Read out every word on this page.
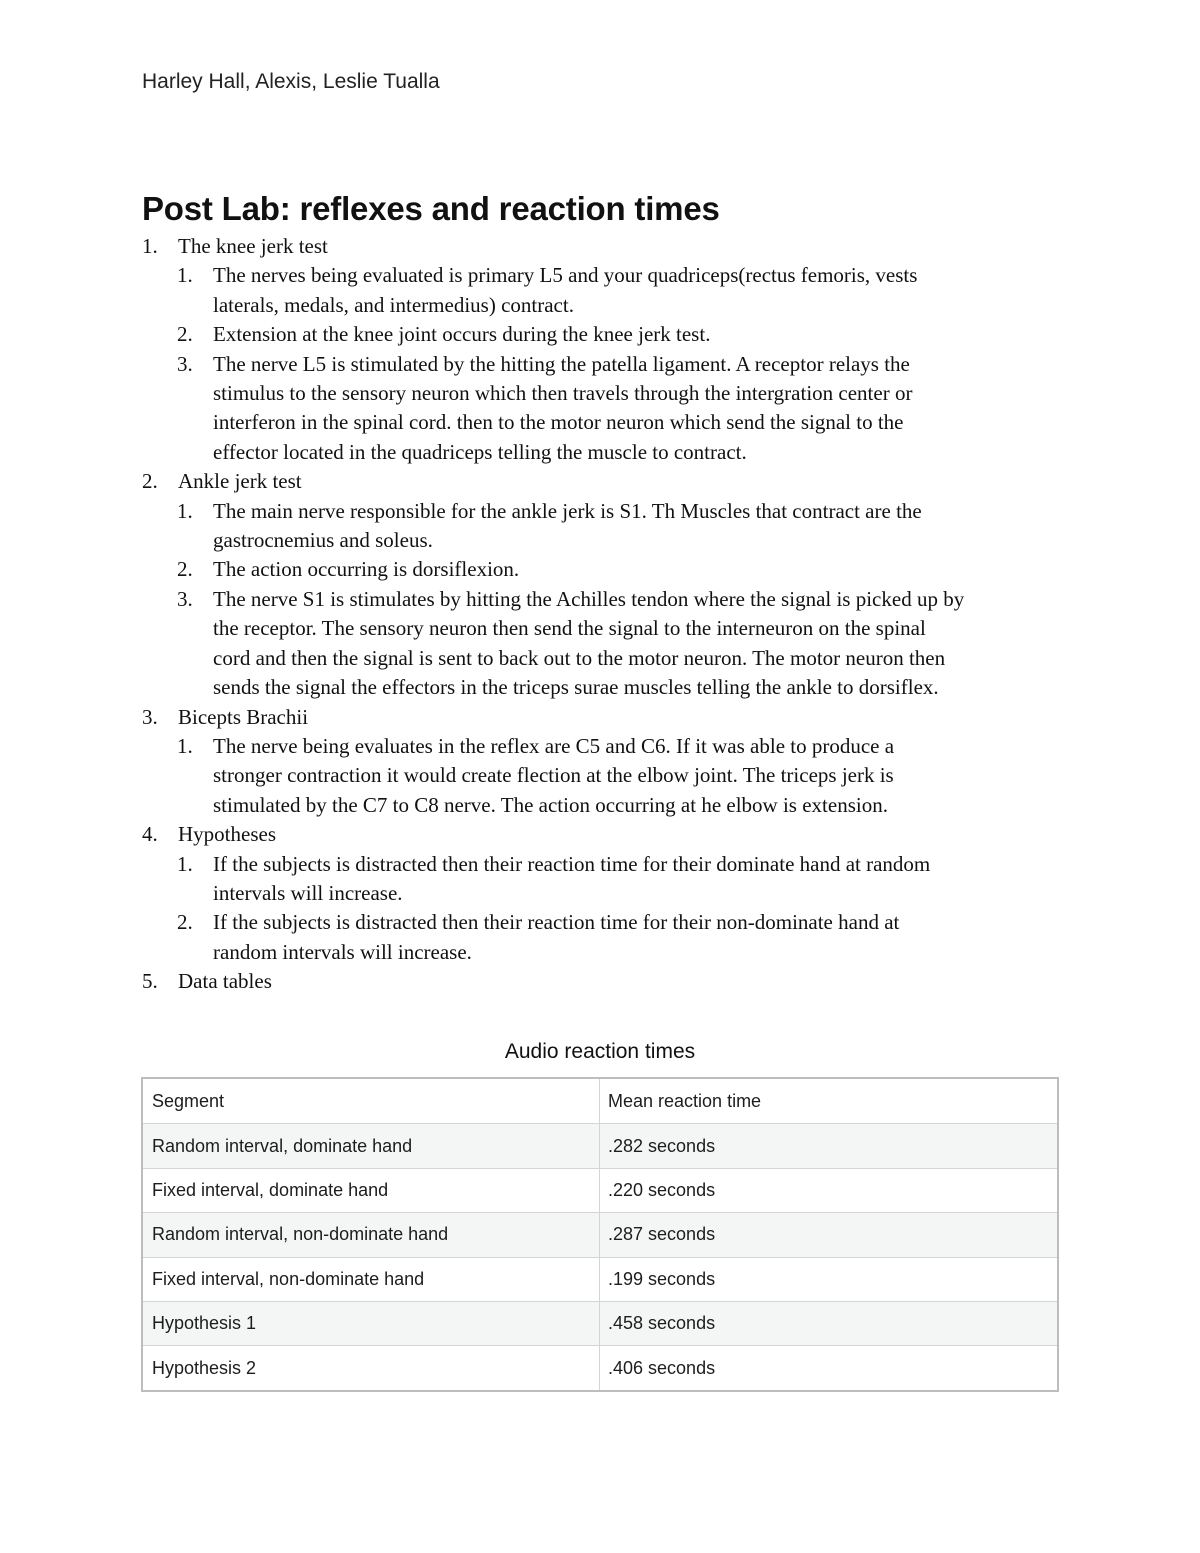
Harley Hall, Alexis, Leslie Tualla
Post Lab: reflexes and reaction times
1. The knee jerk test
1. The nerves being evaluated is primary L5 and your quadriceps(rectus femoris, vests
laterals, medals, and intermedius) contract.
2. Extension at the knee joint occurs during the knee jerk test.
3. The nerve L5 is stimulated by the hitting the patella ligament. A receptor relays the
stimulus to the sensory neuron which then travels through the intergration center or
interferon in the spinal cord. then to the motor neuron which send the signal to the
effector located in the quadriceps telling the muscle to contract.
2. Ankle jerk test
1. The main nerve responsible for the ankle jerk is S1. Th Muscles that contract are the
gastrocnemius and soleus.
2. The action occurring is dorsiflexion.
3. The nerve S1 is stimulates by hitting the Achilles tendon where the signal is picked up by
the receptor. The sensory neuron then send the signal to the interneuron on the spinal
cord and then the signal is sent to back out to the motor neuron. The motor neuron then
sends the signal the effectors in the triceps surae muscles telling the ankle to dorsiflex.
3. Bicepts Brachii
1. The nerve being evaluates in the reflex are C5 and C6. If it was able to produce a
stronger contraction it would create flection at the elbow joint. The triceps jerk is
stimulated by the C7 to C8 nerve. The action occurring at he elbow is extension.
4. Hypotheses
1. If the subjects is distracted then their reaction time for their dominate hand at random
intervals will increase.
2. If the subjects is distracted then their reaction time for their non-dominate hand at
random intervals will increase.
5. Data tables
Audio reaction times
Segment	Mean reaction time
Random interval, dominate hand	.282 seconds
Fixed interval, dominate hand	.220 seconds
Random interval, non-dominate hand	.287 seconds
Fixed interval, non-dominate hand	.199 seconds
Hypothesis 1	.458 seconds
Hypothesis 2	.406 seconds
